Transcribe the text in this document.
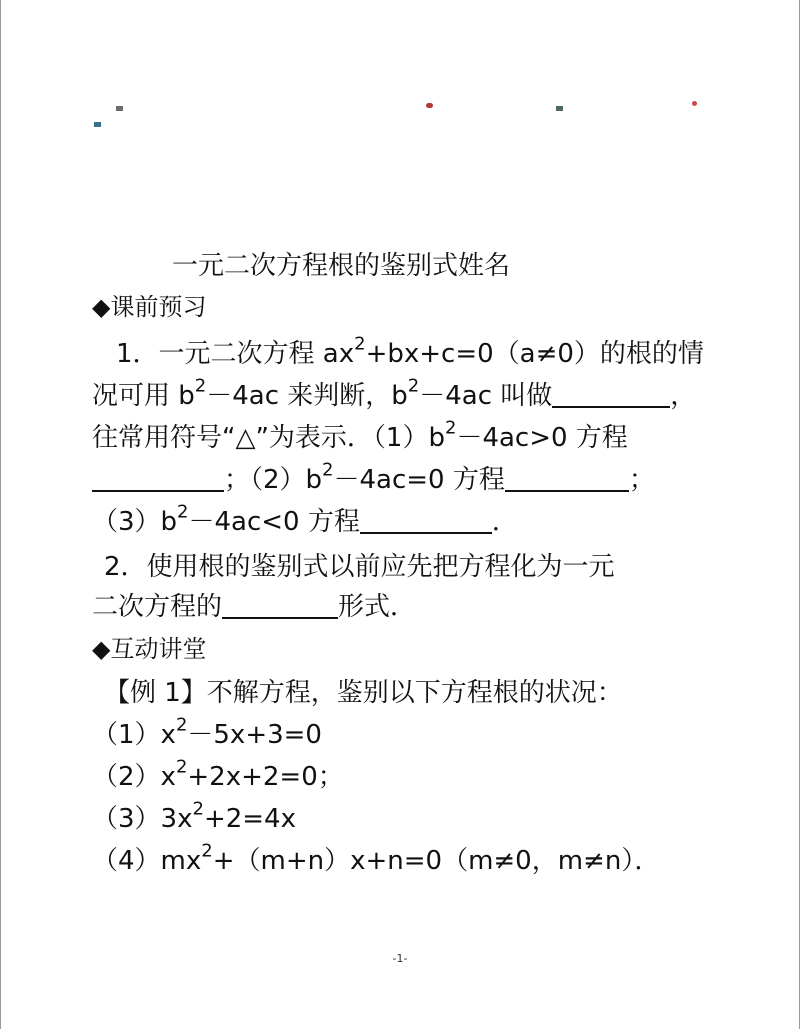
一元二次方程根的鉴别式姓名
◆课前预习
1．一元二次方程 $ax^2+bx+c=0(a\ne 0)$的根的情
况可用 $b^2-4ac$ 来判断，$b^2-4ac$ 叫做	，
往常用符号“△”为表示．$(1)b^2-4ac>0$ 方程
；$(2)b^2-4ac=0$ 方程	；
$(3)b^2-4ac<0$ 方程	．
2．使用根的鉴别式以前应先把方程化为一元
二次方程的	形式．
◆互动讲堂
【例 1】不解方程，鉴别以下方程根的状况：
$(1)x^2-5x+3=0$
$(2)x^2+2x+2=0$；
$(3)3x^2+2=4x$
$(4)mx^2+(m+n)x+n=0(m\ne 0$，m≠n）．
-1-
